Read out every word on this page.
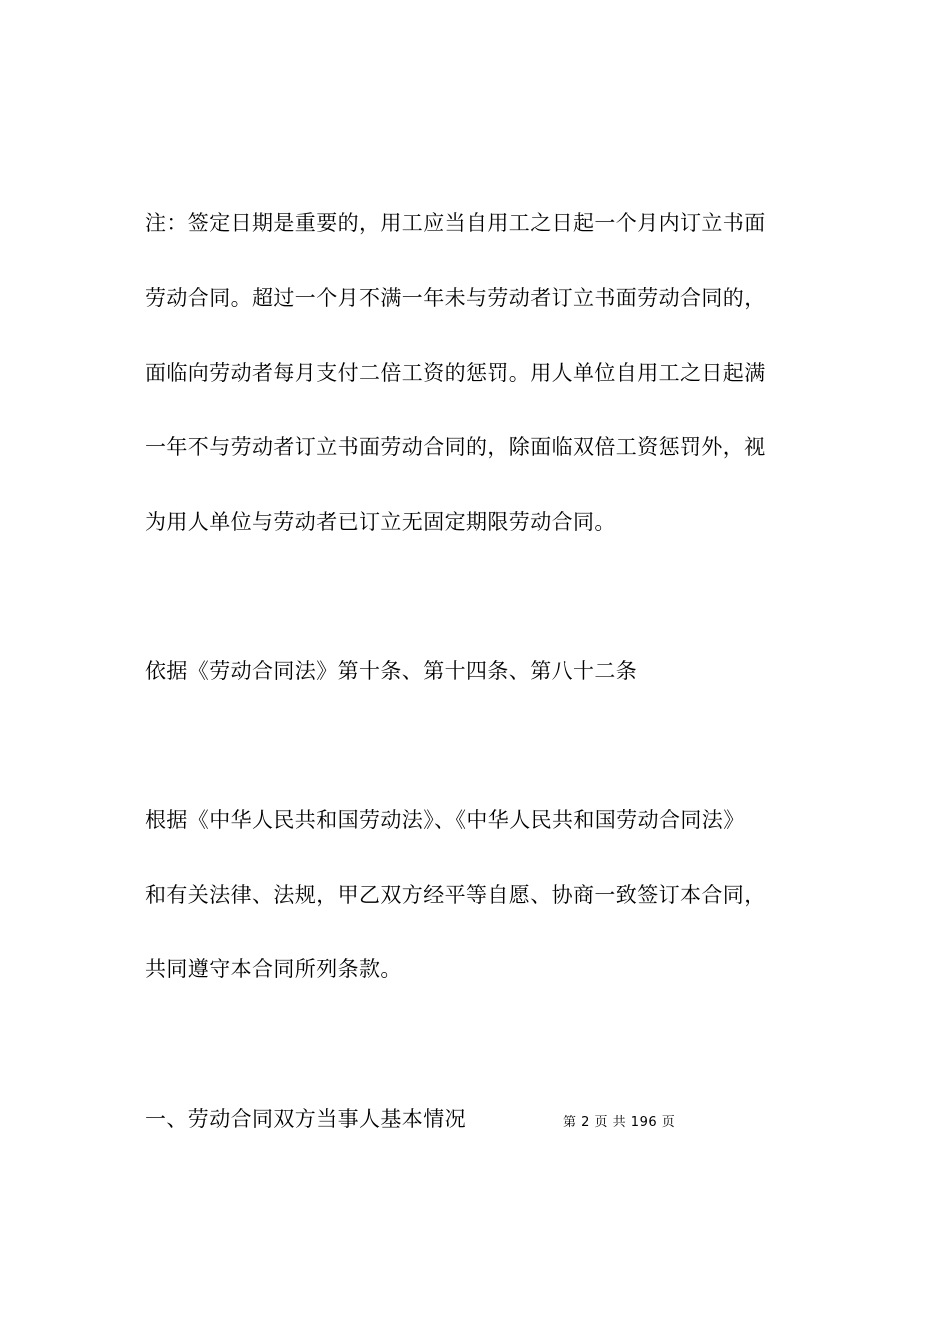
注：签定日期是重要的，用工应当自用工之日起一个月内订立书面
劳动合同。超过一个月不满一年未与劳动者订立书面劳动合同的，
面临向劳动者每月支付二倍工资的惩罚。用人单位自用工之日起满
一年不与劳动者订立书面劳动合同的，除面临双倍工资惩罚外，视
为用人单位与劳动者已订立无固定期限劳动合同。
依据《劳动合同法》第十条、第十四条、第八十二条
根据《中华人民共和国劳动法》、《中华人民共和国劳动合同法》
和有关法律、法规，甲乙双方经平等自愿、协商一致签订本合同，
共同遵守本合同所列条款。
一、劳动合同双方当事人基本情况	第 2 页 共 196 页
